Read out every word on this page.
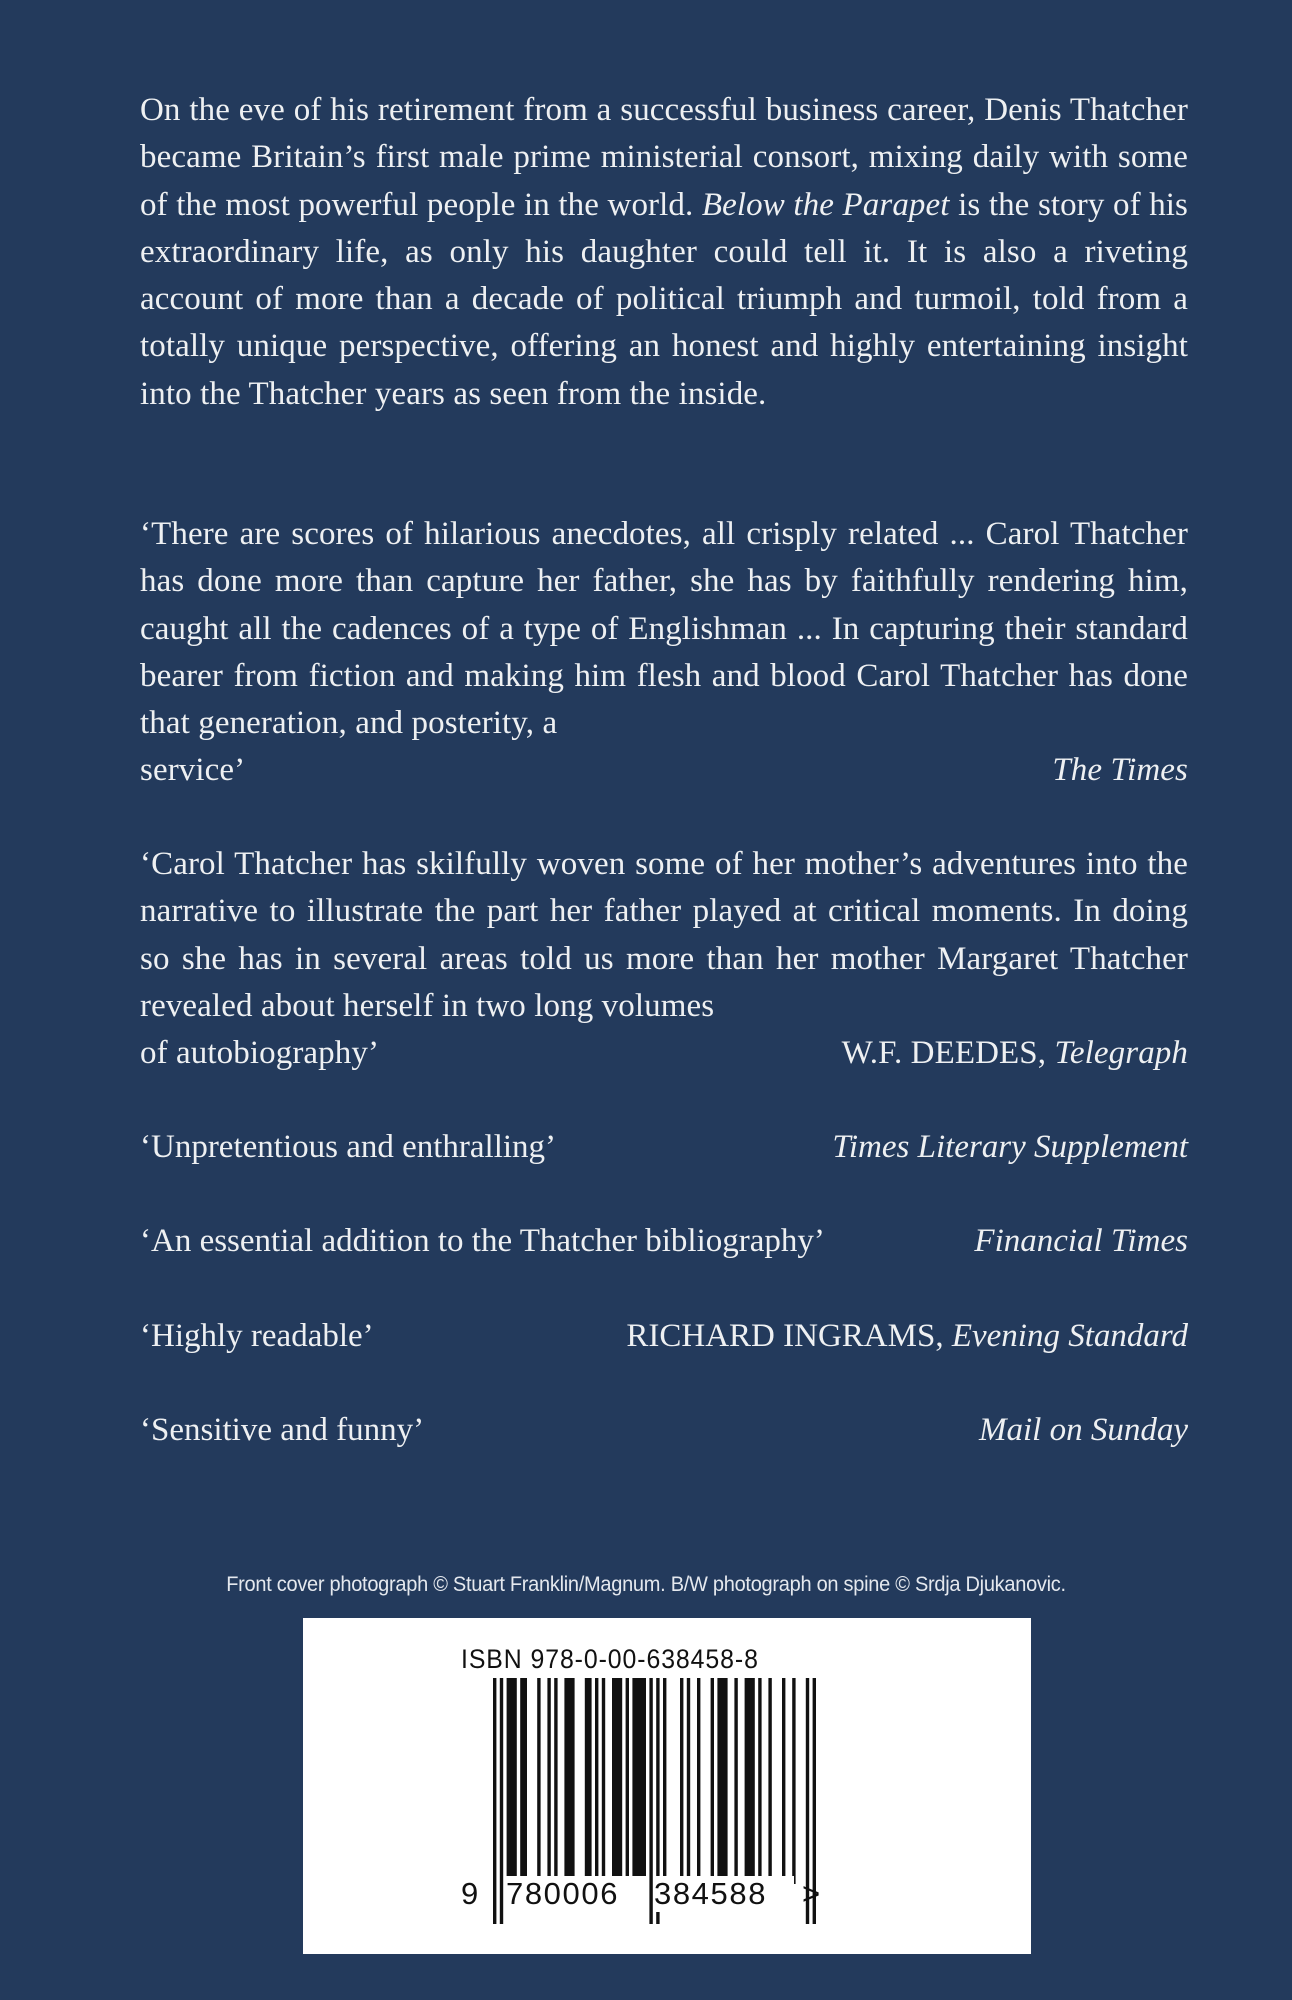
On the eve of his retirement from a successful business career, Denis Thatcher became Britain’s first male prime ministerial consort, mixing daily with some of the most powerful people in the world. Below the Parapet is the story of his extraordinary life, as only his daughter could tell it. It is also a riveting account of more than a decade of political triumph and turmoil, told from a totally unique perspective, offering an honest and highly entertaining insight into the Thatcher years as seen from the inside.

‘There are scores of hilarious anecdotes, all crisply related ... Carol Thatcher has done more than capture her father, she has by faithfully rendering him, caught all the cadences of a type of Englishman ... In capturing their standard bearer from fiction and making him flesh and blood Carol Thatcher has done that generation, and posterity, a

service’	The Times

‘Carol Thatcher has skilfully woven some of her mother’s adventures into the narrative to illustrate the part her father played at critical moments. In doing so she has in several areas told us more than her mother Margaret Thatcher revealed about herself in two long volumes

of autobiography’	W.F. DEEDES, Telegraph
‘Unpretentious and enthralling’	Times Literary Supplement
‘An essential addition to the Thatcher bibliography’	Financial Times
‘Highly readable’	RICHARD INGRAMS, Evening Standard
‘Sensitive and funny’	Mail on Sunday
Front cover photograph © Stuart Franklin/Magnum. B/W photograph on spine © Srdja Djukanovic.
ISBN 978-0-00-638458-8
9 780006	384588	>
